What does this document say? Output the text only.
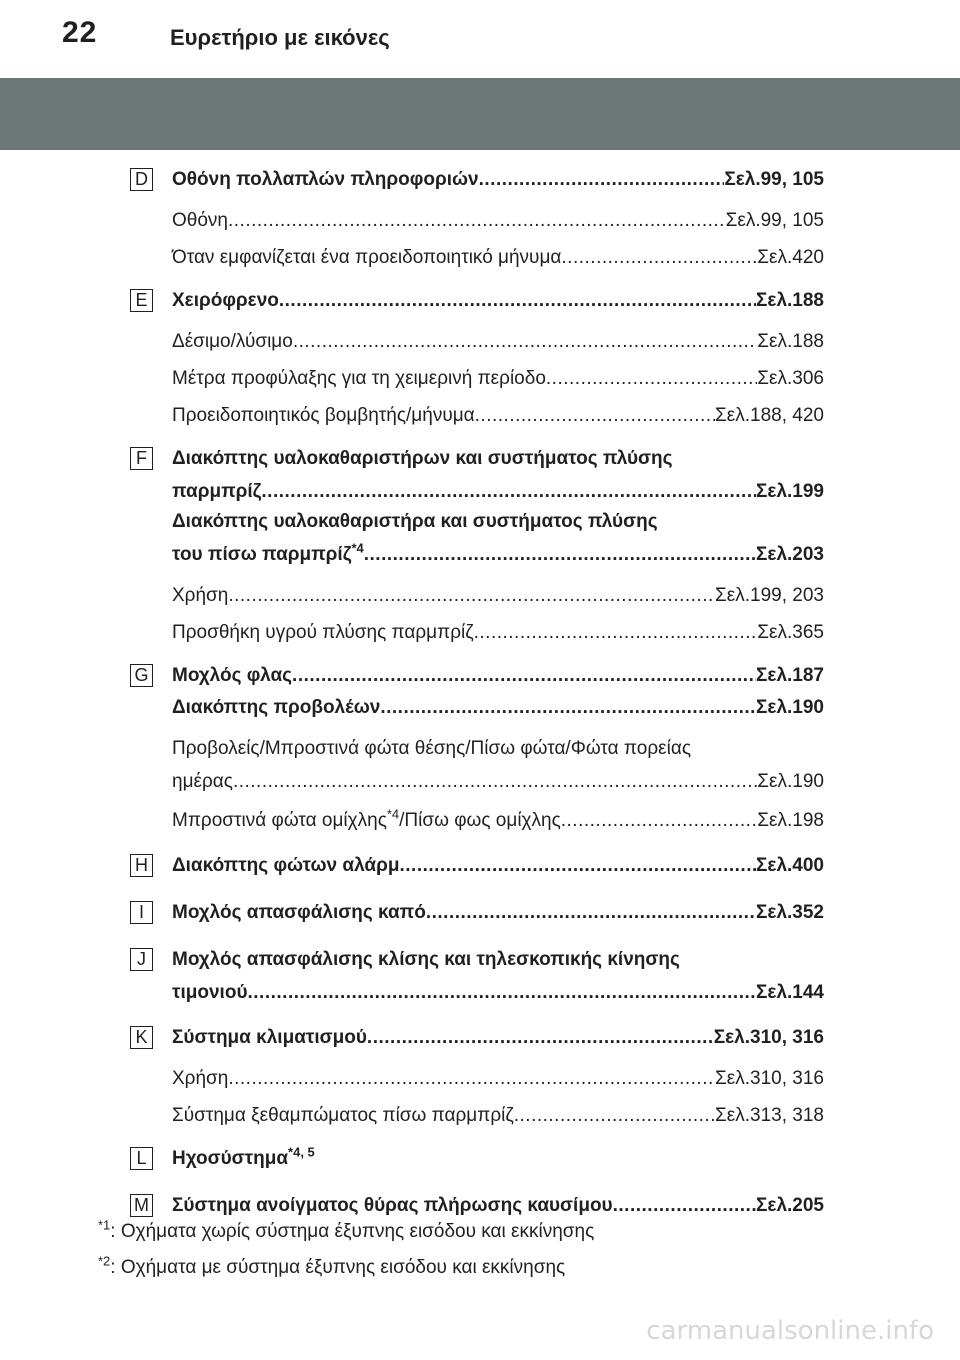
22	Ευρετήριο με εικόνες
D Οθόνη πολλαπλών πληροφοριών .....	Σελ.99, 105
Οθόνη .....	Σελ.99, 105
Όταν εμφανίζεται ένα προειδοποιητικό μήνυμα .....	Σελ.420
E Χειρόφρενο .....	Σελ.188
Δέσιμο/λύσιμο .....	Σελ.188
Μέτρα προφύλαξης για τη χειμερινή περίοδο .....	Σελ.306
Προειδοποιητικός βομβητής/μήνυμα .....	Σελ.188, 420
F	Διακόπτης υαλοκαθαριστήρων και συστήματος πλύσης
παρμπρίζ .....	Σελ.199
Διακόπτης υαλοκαθαριστήρα και συστήματος πλύσης
του πίσω παρμπρίζ$^{*4}$ .....	Σελ.203
Χρήση .....	Σελ.199, 203
Προσθήκη υγρού πλύσης παρμπρίζ .....	Σελ.365
G Μοχλός φλας .....	Σελ.187
Διακόπτης προβολέων .....	Σελ.190
Προβολείς/Μπροστινά φώτα θέσης/Πίσω φώτα/Φώτα πορείας
ημέρας .....	Σελ.190
Μπροστινά φώτα ομίχλης$^{*4}$/Πίσω φως ομίχλης .....	Σελ.198
H Διακόπτης φώτων αλάρμ .....	Σελ.400
I	Μοχλός απασφάλισης καπό .....	Σελ.352
J	Μοχλός απασφάλισης κλίσης και τηλεσκοπικής κίνησης
τιμονιού .....	Σελ.144
K Σύστημα κλιματισμού .....	Σελ.310, 316
Χρήση .....	Σελ.310, 316
Σύστημα ξεθαμπώματος πίσω παρμπρίζ .....	Σελ.313, 318
L	Ηχοσύστημα$^{*4, 5}$
M Σύστημα ανοίγματος θύρας πλήρωσης καυσίμου .....	Σελ.205
$^{*1}$: Οχήματα χωρίς σύστημα έξυπνης εισόδου και εκκίνησης
$^{*2}$: Οχήματα με σύστημα έξυπνης εισόδου και εκκίνησης
carmanualsonline.info
